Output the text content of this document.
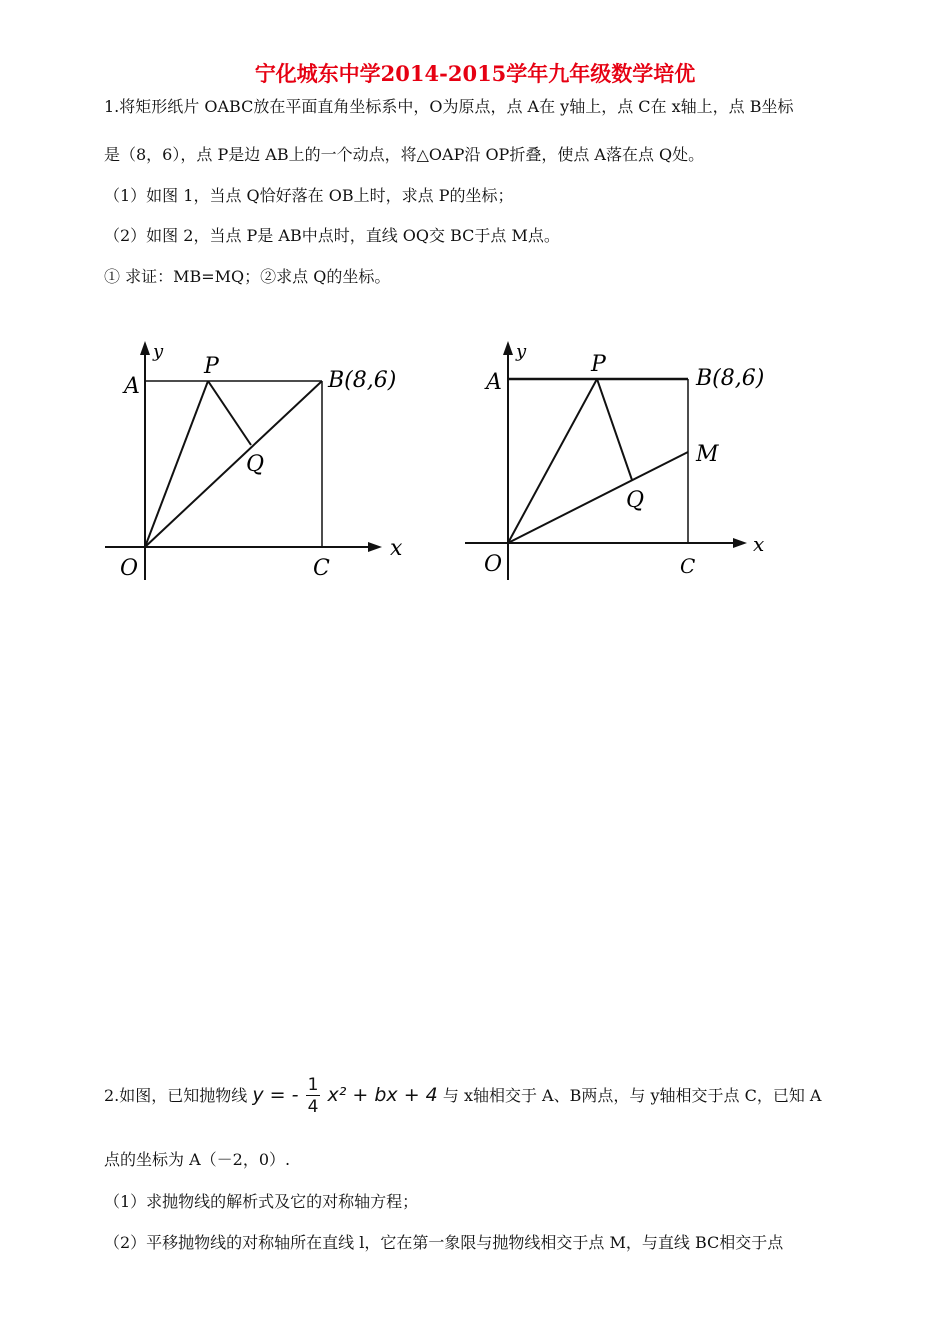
宁化城东中学2014-2015学年九年级数学培优
1.将矩形纸片 OABC放在平面直角坐标系中，O为原点，点 A在 y轴上，点 C在 x轴上，点 B坐标
是（8，6），点 P是边 AB上的一个动点，将△OAP沿 OP折叠，使点 A落在点 Q处。
（1）如图 1，当点 Q恰好落在 OB上时，求点 P的坐标；
（2）如图 2，当点 P是 AB中点时，直线 OQ交 BC于点 M点。
① 求证：MB=MQ；②求点 Q的坐标。
y
x
A
P
B(8,6)
Q
O	C
y
x
A
P
B(8,6)
M
Q
O	C
2.如图，已知抛物线 y = - $\frac{1}{4} x^2$ + bx + 4 与 x轴相交于 A、B两点，与 y轴相交于点 C，已知 A
点的坐标为 A（－2，0）.
（1）求抛物线的解析式及它的对称轴方程；
（2）平移抛物线的对称轴所在直线 l，它在第一象限与抛物线相交于点 M，与直线 BC相交于点
